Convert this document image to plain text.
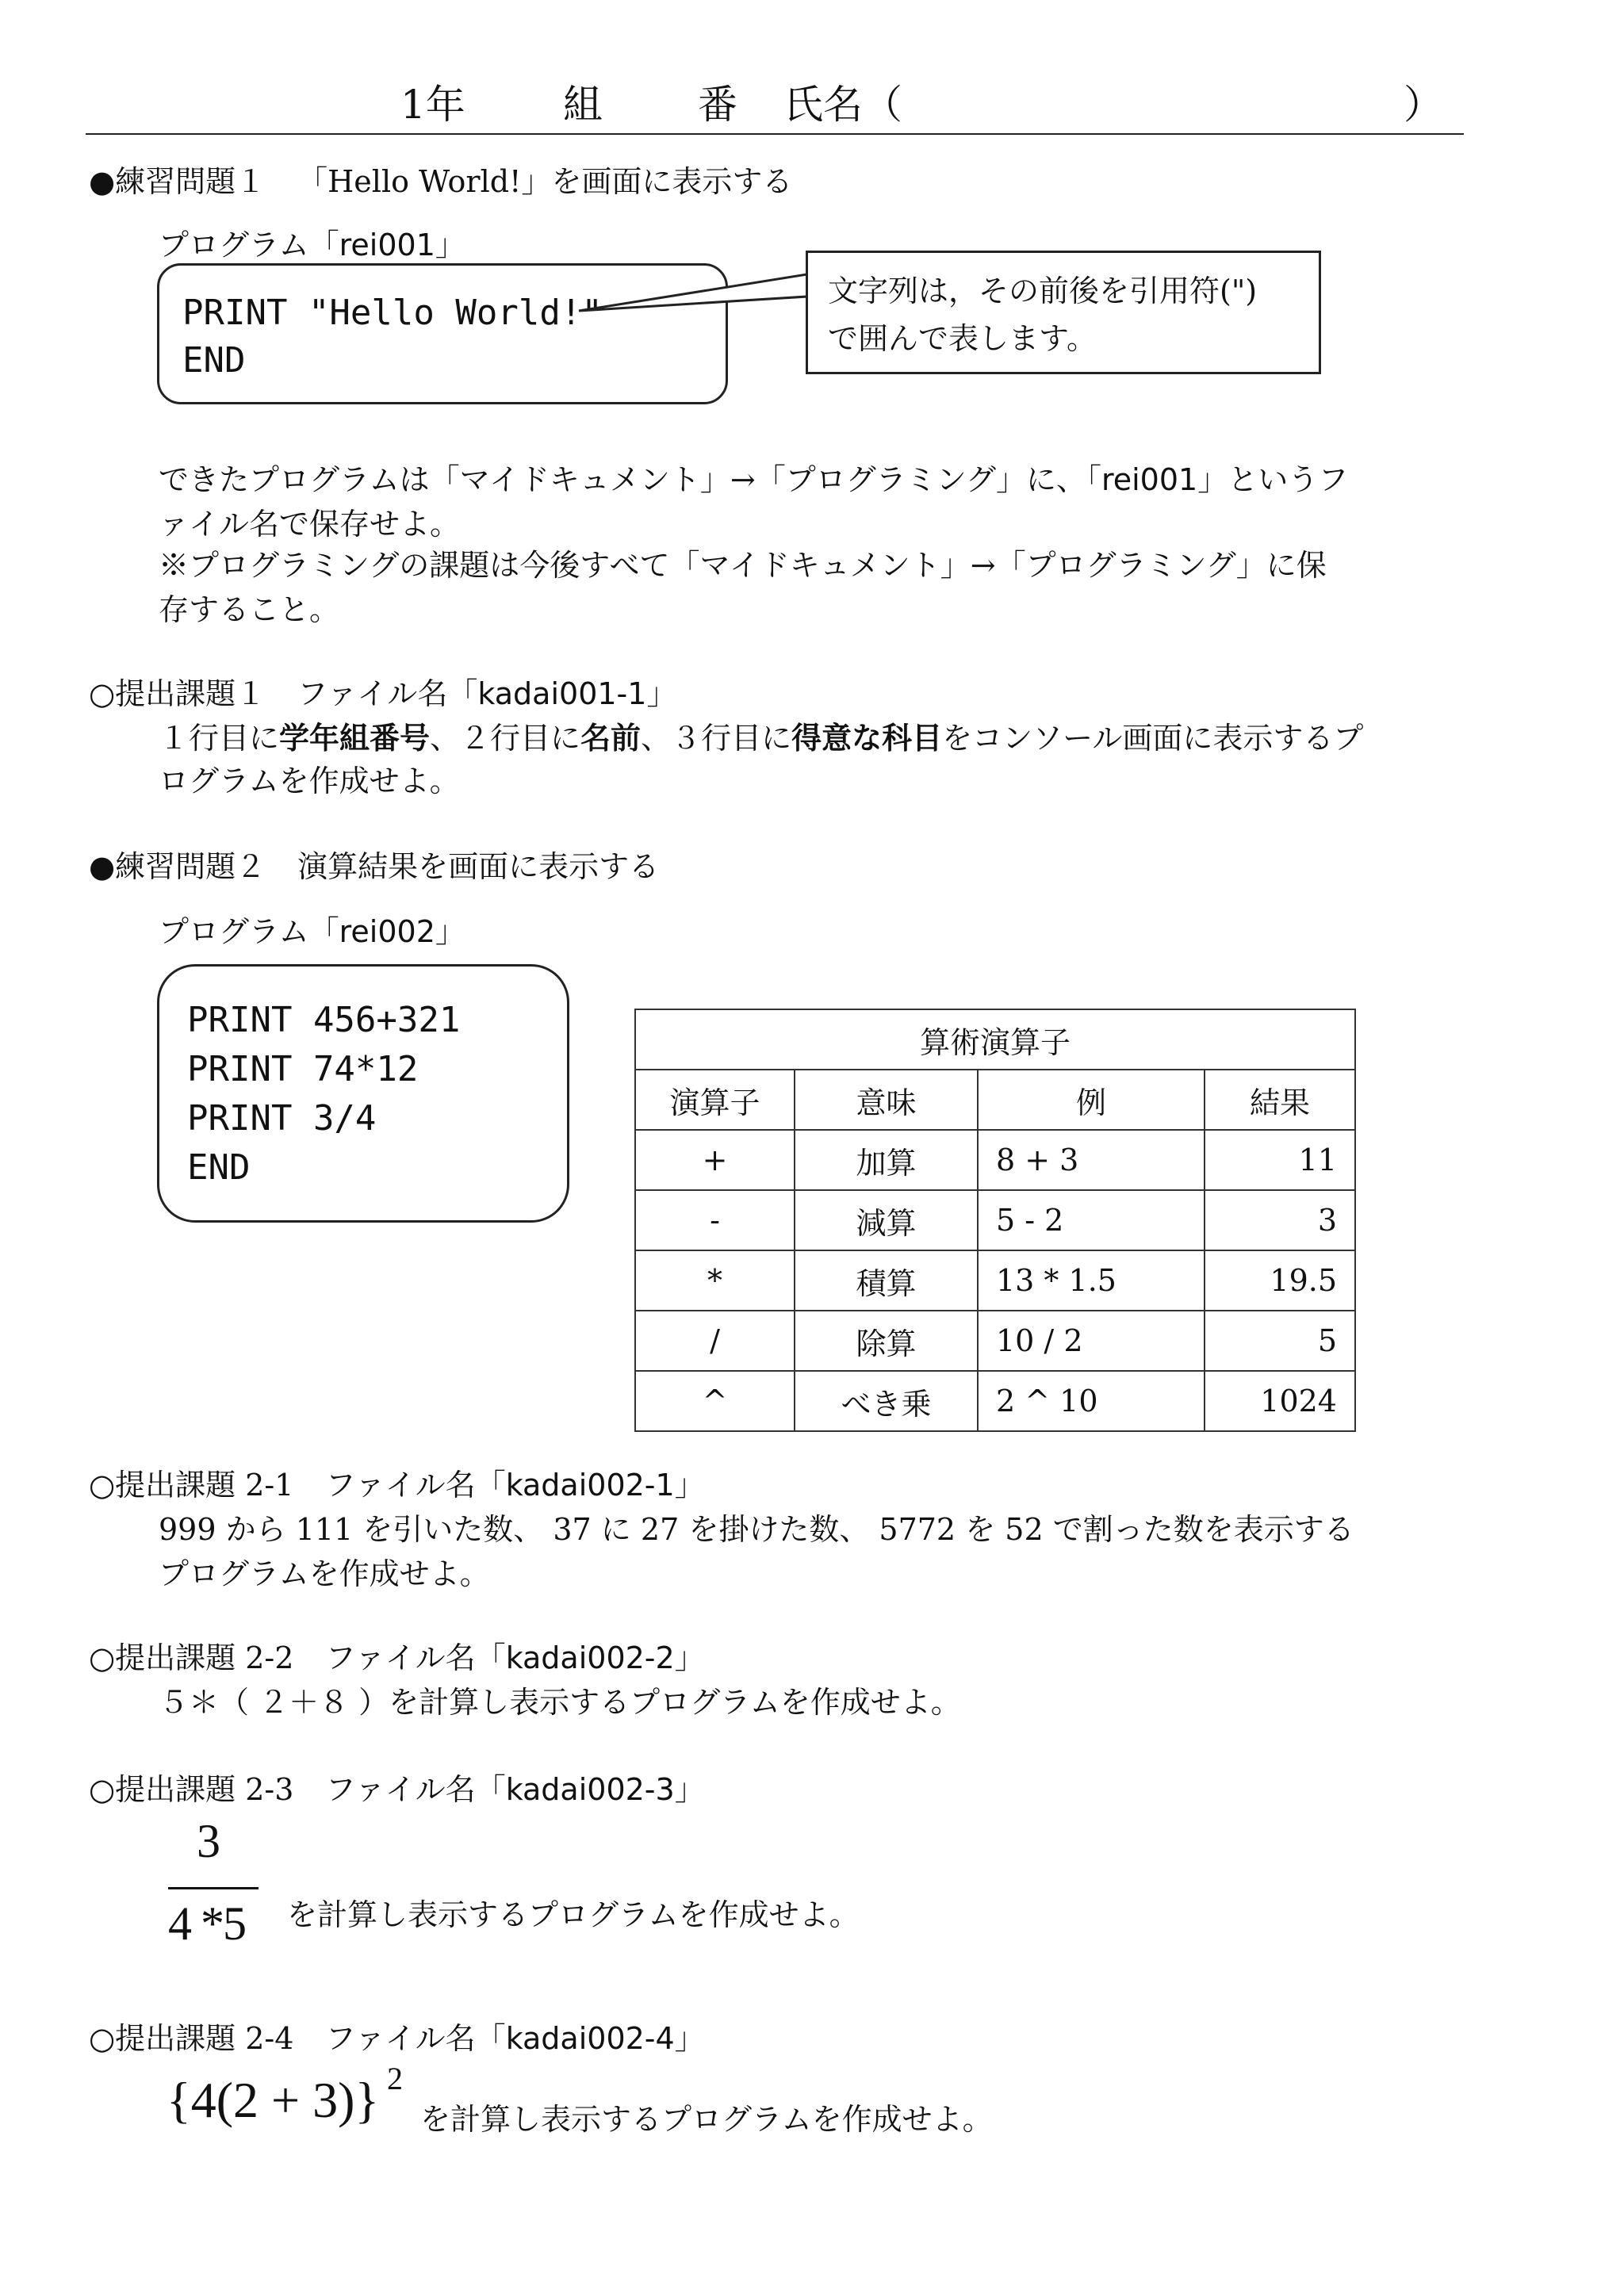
1年 組 番 氏名（	）
●練習問題１ 「Hello World!」を画面に表示する
プログラム「rei001」
PRINT "Hello World!"
END
文字列は，その前後を引用符(")
で囲んで表します。
できたプログラムは「マイドキュメント」→「プログラミング」に、「rei001」というフ
ァイル名で保存せよ。
※プログラミングの課題は今後すべて「マイドキュメント」→「プログラミング」に保
存すること。
○提出課題１ ファイル名「kadai001-1」
１行目に学年組番号、２行目に名前、３行目に得意な科目をコンソール画面に表示するプ
ログラムを作成せよ。
●練習問題２ 演算結果を画面に表示する
プログラム「rei002」
PRINT 456+321
PRINT 74*12
PRINT 3/4
END
算術演算子			
演算子	意味	例	結果
+	加算	8 + 3	11
-	減算	5 - 2	3
*	積算	13 * 1.5	19.5
/	除算	10 / 2	5
^	べき乗	2 ^ 10	1024
○提出課題 2-1 ファイル名「kadai002-1」
999 から 111 を引いた数、 37 に 27 を掛けた数、 5772 を 52 で割った数を表示する
プログラムを作成せよ。
○提出課題 2-2 ファイル名「kadai002-2」
５＊（ ２＋８ ）を計算し表示するプログラムを作成せよ。
○提出課題 2-3 ファイル名「kadai002-3」
3
4 *5 を計算し表示するプログラムを作成せよ。
○提出課題 2-4 ファイル名「kadai002-4」
{4(2 + 3)} 2
を計算し表示するプログラムを作成せよ。
